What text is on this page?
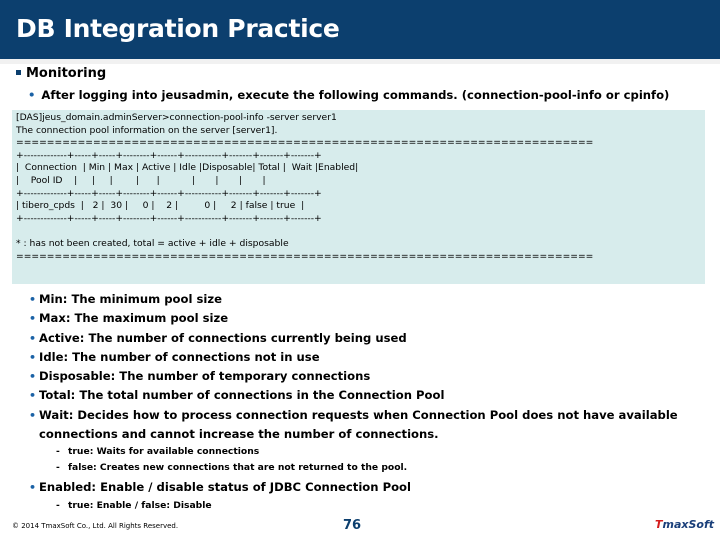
DB Integration Practice
Monitoring
• After logging into jeusadmin, execute the following commands. (connection-pool-info or cpinfo)
[DAS]jeus_domain.adminServer>connection-pool-info -server server1
The connection pool information on the server [server1].
===========================================================================
+-------------+-----+-----+--------+------+-----------+-------+-------+-------+
|  Connection  | Min | Max | Active | Idle |Disposable| Total |  Wait |Enabled|
|    Pool ID    |     |     |        |      |           |       |       |       |
+-------------+-----+-----+--------+------+-----------+-------+-------+-------+
| tibero_cpds  |   2 |  30 |     0 |    2 |         0 |     2 | false | true  |
+-------------+-----+-----+--------+------+-----------+-------+-------+-------+
* : has not been created, total = active + idle + disposable
===========================================================================
• Min: The minimum pool size
• Max: The maximum pool size
• Active: The number of connections currently being used
• Idle: The number of connections not in use
• Disposable: The number of temporary connections
• Total: The total number of connections in the Connection Pool
• Wait: Decides how to process connection requests when Connection Pool does not have available connections and cannot increase the number of connections.
- true: Waits for available connections
- false: Creates new connections that are not returned to the pool.
• Enabled: Enable / disable status of JDBC Connection Pool
- true: Enable / false: Disable
© 2014 TmaxSoft Co., Ltd. All Rights Reserved.	76	TmaxSoft
